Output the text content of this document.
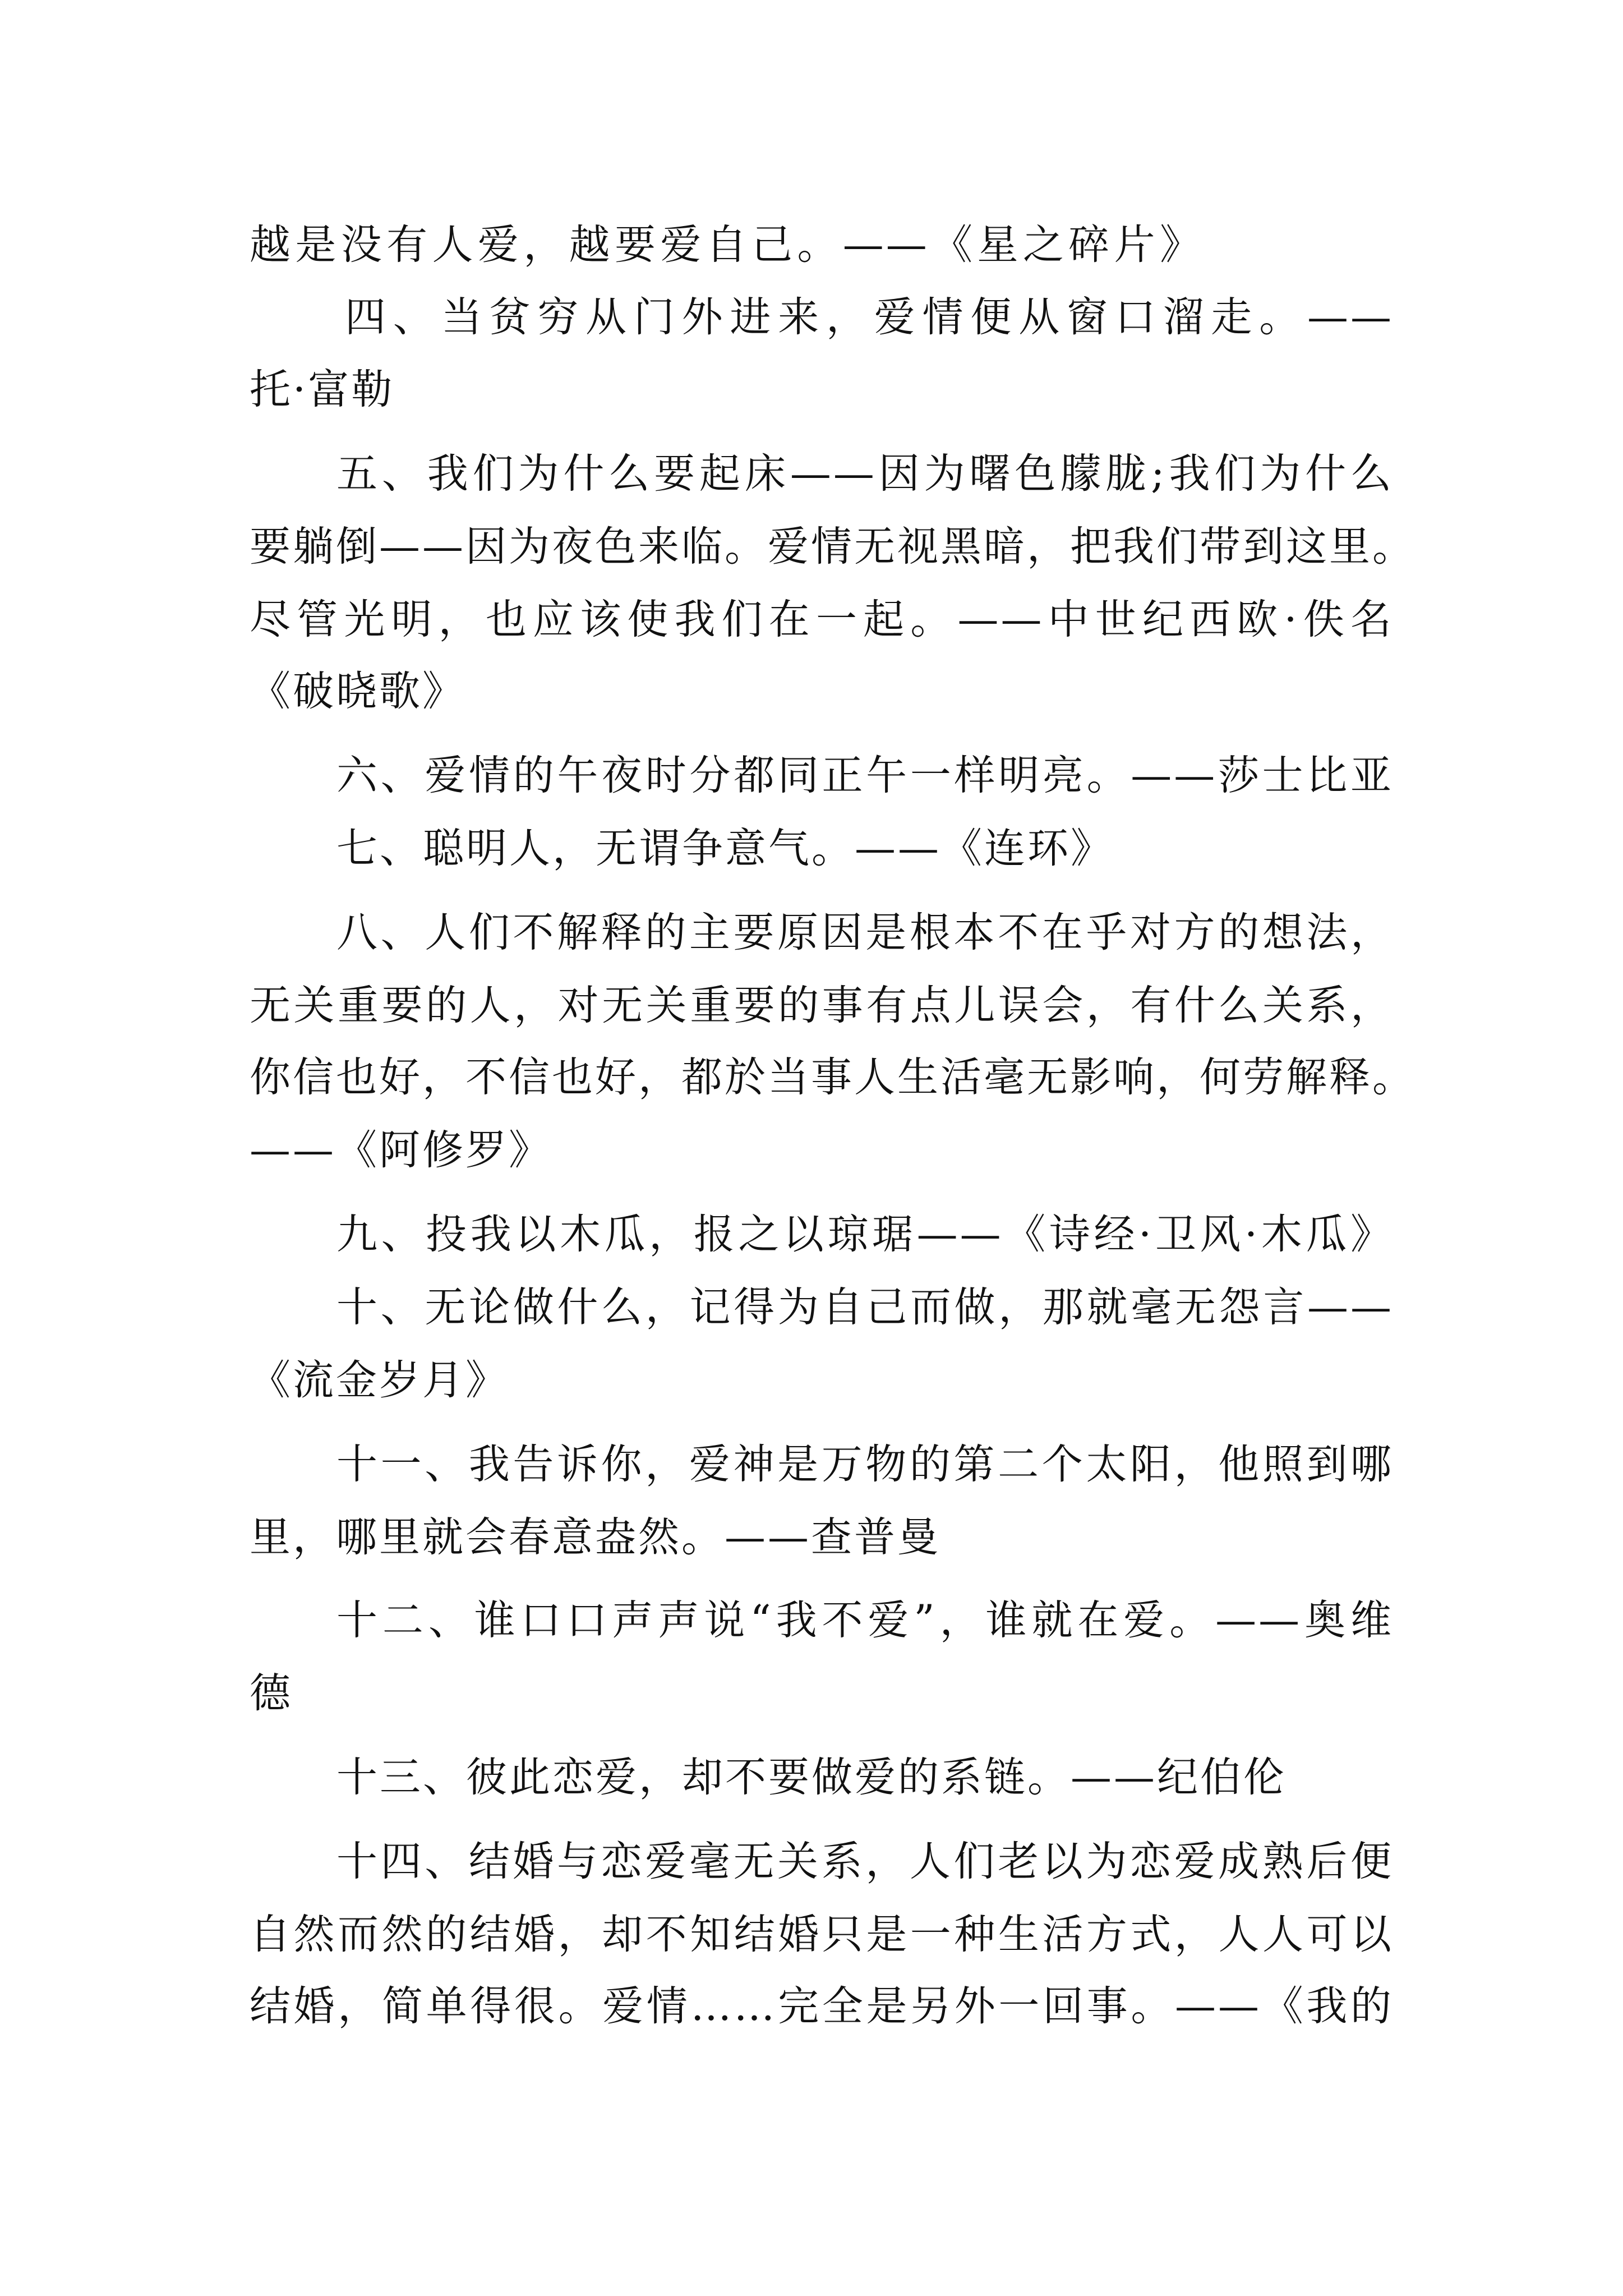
越是没有人爱，越要爱自己。——《星之碎片》

四、当贫穷从门外进来，爱情便从窗口溜走。——

托·富勒

五、我们为什么要起床——因为曙色朦胧;我们为什么

要躺倒——因为夜色来临。爱情无视黑暗，把我们带到这里。

尽管光明，也应该使我们在一起。——中世纪西欧·佚名

《破晓歌》

六、爱情的午夜时分都同正午一样明亮。——莎士比亚

七、聪明人，无谓争意气。——《连环》

八、人们不解释的主要原因是根本不在乎对方的想法，

无关重要的人，对无关重要的事有点儿误会，有什么关系，

你信也好，不信也好，都於当事人生活毫无影响，何劳解释。

——《阿修罗》

九、投我以木瓜，报之以琼琚——《诗经·卫风·木瓜》

十、无论做什么，记得为自己而做，那就毫无怨言——

《流金岁月》

十一、我告诉你，爱神是万物的第二个太阳，他照到哪

里，哪里就会春意盎然。——查普曼

十二、谁口口声声说“我不爱”，谁就在爱。——奥维

德

十三、彼此恋爱，却不要做爱的系链。——纪伯伦

十四、结婚与恋爱毫无关系，人们老以为恋爱成熟后便

自然而然的结婚，却不知结婚只是一种生活方式，人人可以

结婚，简单得很。爱情……完全是另外一回事。——《我的
